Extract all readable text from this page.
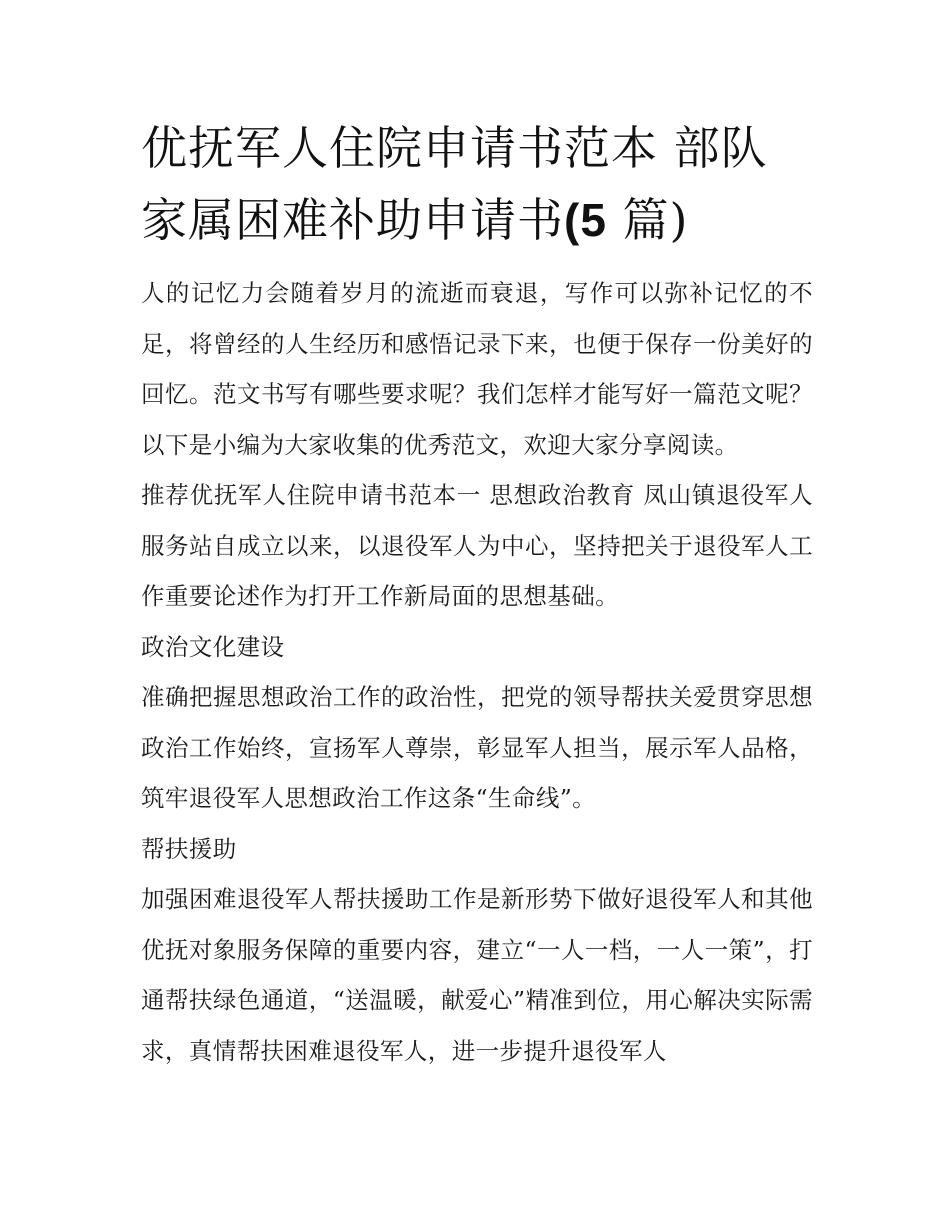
优抚军人住院申请书范本 部队家属困难补助申请书(5 篇)

人的记忆力会随着岁月的流逝而衰退，写作可以弥补记忆的不足，将曾经的人生经历和感悟记录下来，也便于保存一份美好的回忆。范文书写有哪些要求呢？我们怎样才能写好一篇范文呢？以下是小编为大家收集的优秀范文，欢迎大家分享阅读。

推荐优抚军人住院申请书范本一 思想政治教育 凤山镇退役军人服务站自成立以来，以退役军人为中心，坚持把关于退役军人工作重要论述作为打开工作新局面的思想基础。

政治文化建设

准确把握思想政治工作的政治性，把党的领导帮扶关爱贯穿思想政治工作始终，宣扬军人尊崇，彰显军人担当，展示军人品格，筑牢退役军人思想政治工作这条“生命线”。

帮扶援助

加强困难退役军人帮扶援助工作是新形势下做好退役军人和其他优抚对象服务保障的重要内容，建立“一人一档，一人一策”，打通帮扶绿色通道，“送温暖，献爱心”精准到位，用心解决实际需求，真情帮扶困难退役军人，进一步提升退役军人
